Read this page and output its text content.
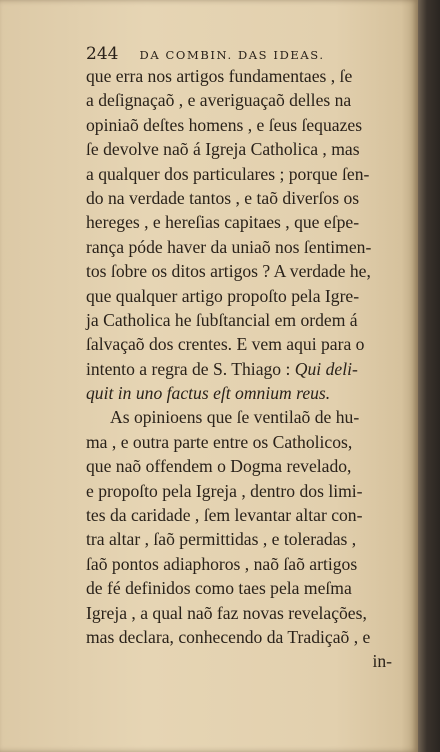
244 DA COMBIN. DAS IDEAS.
que erra nos artigos fundamentaes , ſe
a deſignaçaõ , e averiguaçaõ delles na
opiniaõ deſtes homens , e ſeus ſequazes
ſe devolve naõ á Igreja Catholica , mas
a qualquer dos particulares ; porque ſen-
do na verdade tantos , e taõ diverſos os
hereges , e hereſias capitaes , que eſpe-
rança póde haver da uniaõ nos ſentimen-
tos ſobre os ditos artigos ? A verdade he,
que qualquer artigo propoſto pela Igre-
ja Catholica he ſubſtancial em ordem á
ſalvaçaõ dos crentes. E vem aqui para o
intento a regra de S. Thiago : Qui deli-
quit in uno factus eſt omnium reus.
As opinioens que ſe ventilaõ de hu-
ma , e outra parte entre os Catholicos,
que naõ offendem o Dogma revelado,
e propoſto pela Igreja , dentro dos limi-
tes da caridade , ſem levantar altar con-
tra altar , ſaõ permittidas , e toleradas ,
ſaõ pontos adiaphoros , naõ ſaõ artigos
de fé definidos como taes pela meſma
Igreja , a qual naõ faz novas revelações,
mas declara, conhecendo da Tradiçaõ , e
in-
